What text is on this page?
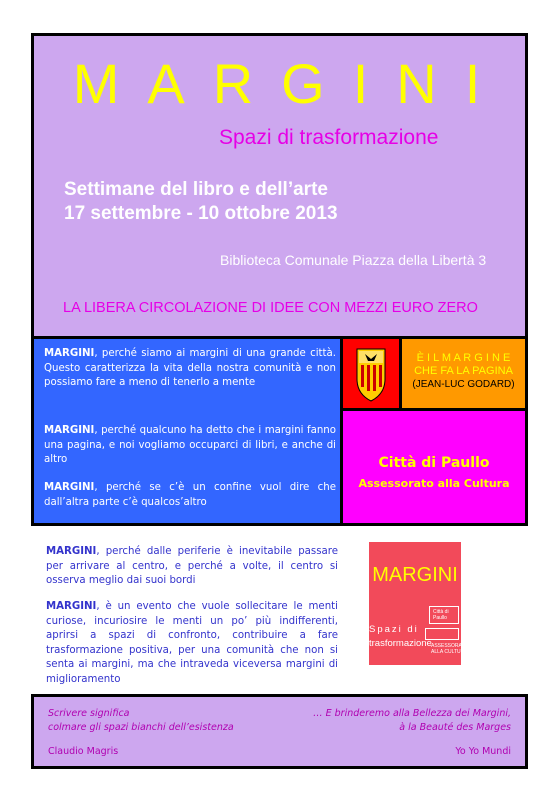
MARGINI
Spazi di trasformazione
Settimane del libro e dell’arte
17 settembre - 10 ottobre 2013
Biblioteca Comunale Piazza della Libertà 3
LA LIBERA CIRCOLAZIONE DI IDEE CON MEZZI EURO ZERO
MARGINI, perché siamo ai margini di una grande città. Questo caratterizza la vita della nostra comunità e non possiamo fare a meno di tenerlo a mente
MARGINI, perché qualcuno ha detto che i margini fanno una pagina, e noi vogliamo occuparci di libri, e anche di altro
MARGINI, perché se c’è un confine vuol dire che dall’altra parte c’è qualcos’altro
È I L M A R G I N E
CHE FA LA PAGINA
(JEAN-LUC GODARD)
Città di Paullo
Assessorato alla Cultura
MARGINI, perché dalle periferie è inevitabile passare per arrivare al centro, e perché a volte, il centro si osserva meglio dai suoi bordi
MARGINI, è un evento che vuole sollecitare le menti curiose, incuriosire le menti un po’ più indifferenti, aprirsi a spazi di confronto, contribuire a fare trasformazione positiva, per una comunità che non si senta ai margini, ma che intraveda viceversa margini di miglioramento
MARGINI
Spazi di
trasformazione
Città di
Paullo
ASSESSORATO
ALLA CULTURA
Scrivere significa
colmare gli spazi bianchi dell’esistenza
Claudio Magris
… E brinderemo alla Bellezza dei Margini,
à la Beauté des Marges
Yo Yo Mundi
